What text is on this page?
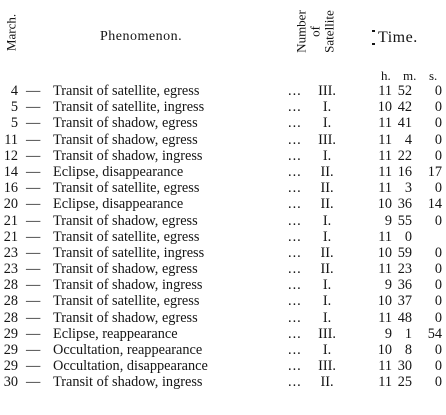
March.	Phenomenon.	Number of Satellite	Time.
h. m. s.
4 — Transit of satellite, egress	...	III.	11 52	0
5 — Transit of satellite, ingress	...	I.	10 42	0
5 — Transit of shadow, egress	...	I.	11 41	0
11 — Transit of shadow, egress	...	III.	11 4	0
12 — Transit of shadow, ingress	...	I.	11 22	0
14 — Eclipse, disappearance	...	II.	11 16 17
16 — Transit of satellite, egress	...	II.	11 3	0
20 — Eclipse, disappearance	...	II.	10 36 14
21 — Transit of shadow, egress	...	I.	9 55	0
21 — Transit of satellite, egress	...	I.	11 0
23 — Transit of satellite, ingress	...	II.	10 59	0
23 — Transit of shadow, egress	...	II.	11 23	0
28 — Transit of shadow, ingress	...	I.	9 36	0
28 — Transit of satellite, egress	...	I.	10 37	0
28 — Transit of shadow, egress	...	I.	11 48	0
29 — Eclipse, reappearance	...	III.	9 1 54
29 — Occultation, reappearance	...	I.	10 8	0
29 — Occultation, disappearance	...	III.	11 30	0
30 — Transit of shadow, ingress	...	II.	11 25	0
